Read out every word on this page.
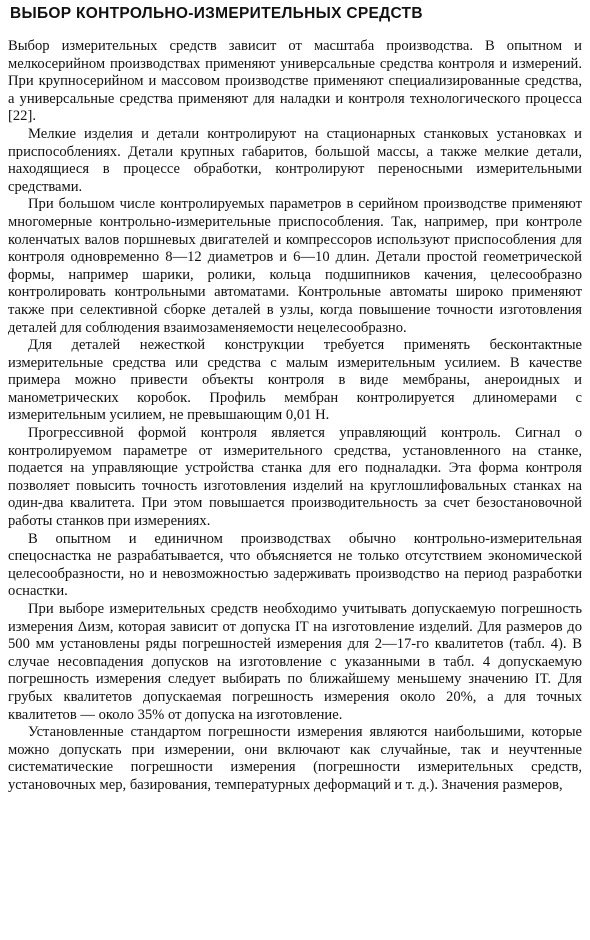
ВЫБОР КОНТРОЛЬНО-ИЗМЕРИТЕЛЬНЫХ СРЕДСТВ

Выбор измерительных средств зависит от масштаба производства. В опытном и мелкосерийном производствах применяют универсальные средства контроля и измерений. При крупносерийном и массовом производстве применяют специализированные средства, а универсальные средства применяют для наладки и контроля технологического процесса [22].

Мелкие изделия и детали контролируют на стационарных станковых установках и приспособлениях. Детали крупных габаритов, большой массы, а также мелкие детали, находящиеся в процессе обработки, контролируют переносными измерительными средствами.

При большом числе контролируемых параметров в серийном производстве применяют многомерные контрольно-измерительные приспособления. Так, например, при контроле коленчатых валов поршневых двигателей и компрессоров используют приспособления для контроля одновременно 8—12 диаметров и 6—10 длин. Детали простой геометрической формы, например шарики, ролики, кольца подшипников качения, целесообразно контролировать контрольными автоматами. Контрольные автоматы широко применяют также при селективной сборке деталей в узлы, когда повышение точности изготовления деталей для соблюдения взаимозаменяемости нецелесообразно.

Для деталей нежесткой конструкции требуется применять бесконтактные измерительные средства или средства с малым измерительным усилием. В качестве примера можно привести объекты контроля в виде мембраны, анероидных и манометрических коробок. Профиль мембран контролируется длиномерами с измерительным усилием, не превышающим 0,01 Н.

Прогрессивной формой контроля является управляющий контроль. Сигнал о контролируемом параметре от измерительного средства, установленного на станке, подается на управляющие устройства станка для его подналадки. Эта форма контроля позволяет повысить точность изготовления изделий на круглошлифовальных станках на один-два квалитета. При этом повышается производительность за счет безостановочной работы станков при измерениях.

В опытном и единичном производствах обычно контрольно-измерительная спецоснастка не разрабатывается, что объясняется не только отсутствием экономической целесообразности, но и невозможностью задерживать производство на период разработки оснастки.

При выборе измерительных средств необходимо учитывать допускаемую погрешность измерения Δизм, которая зависит от допуска IT на изготовление изделий. Для размеров до 500 мм установлены ряды погрешностей измерения для 2—17-го квалитетов (табл. 4). В случае несовпадения допусков на изготовление с указанными в табл. 4 допускаемую погрешность измерения следует выбирать по ближайшему меньшему значению IT. Для грубых квалитетов допускаемая погрешность измерения около 20%, а для точных квалитетов — около 35% от допуска на изготовление.

Установленные стандартом погрешности измерения являются наибольшими, которые можно допускать при измерении, они включают как случайные, так и неучтенные систематические погрешности измерения (погрешности измерительных средств, установочных мер, базирования, температурных деформаций и т. д.). Значения размеров,
